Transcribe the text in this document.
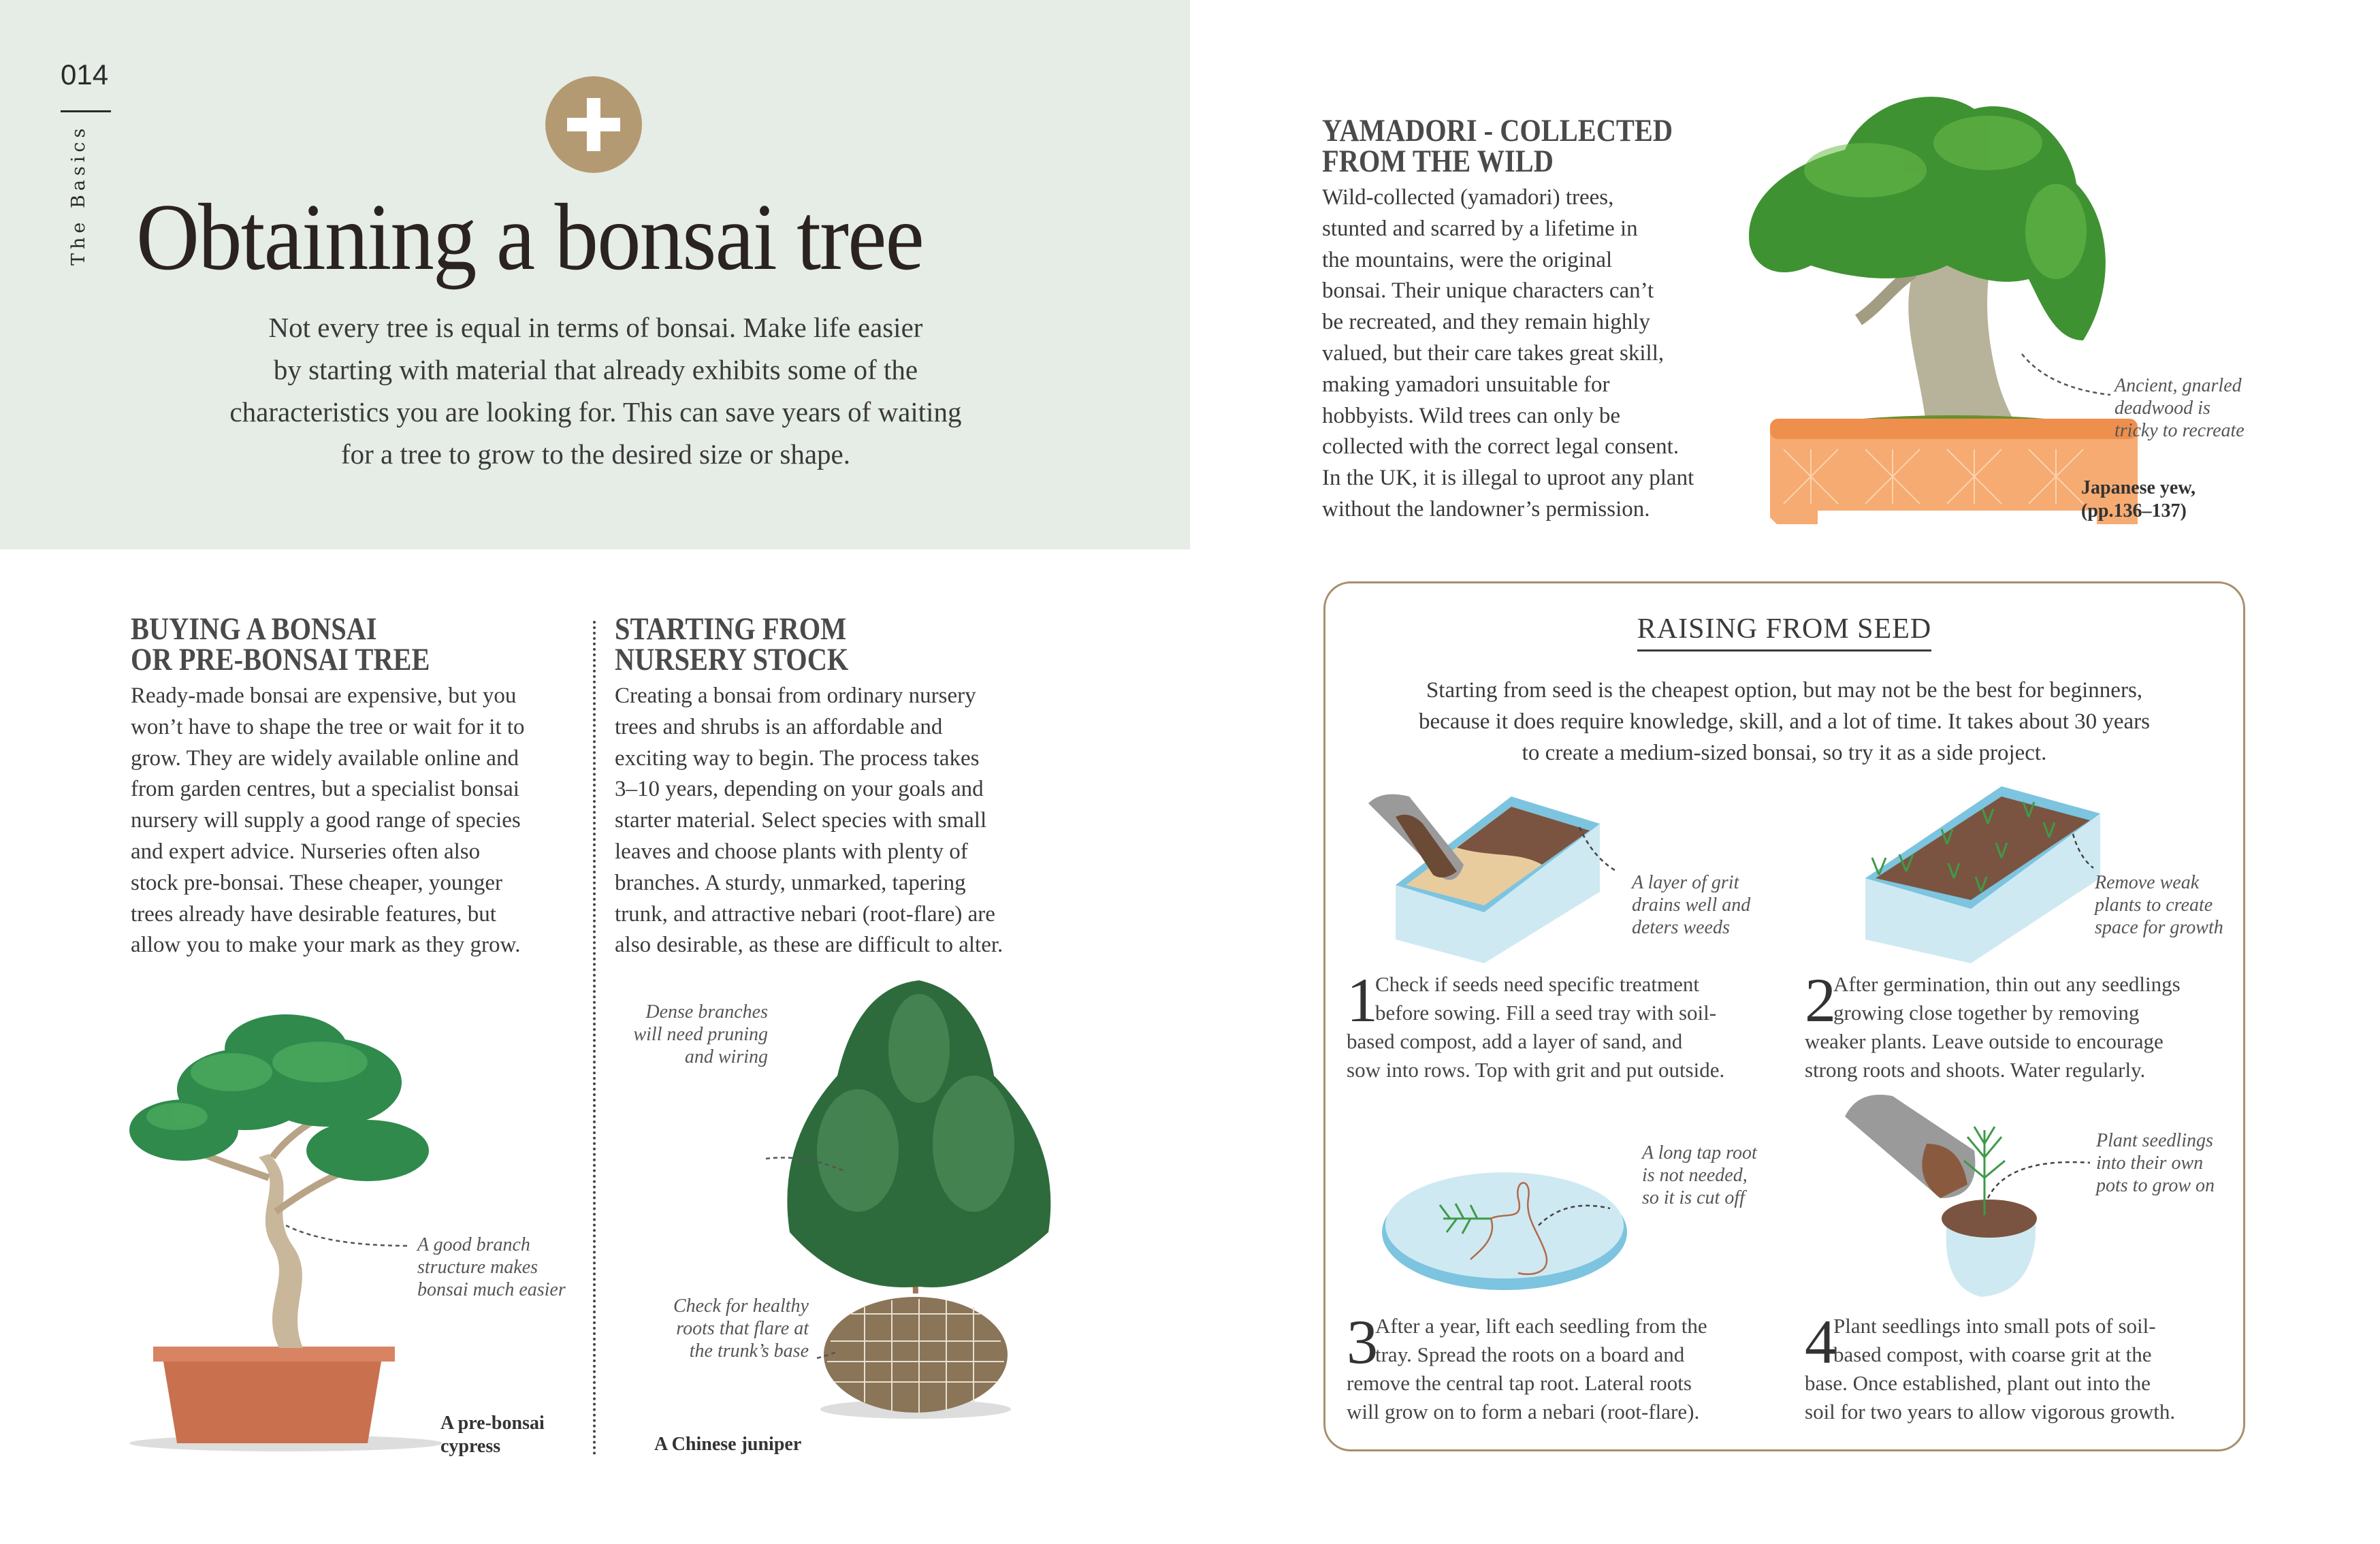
014
The Basics Obtaining a bonsai tree
Not every tree is equal in terms of bonsai. Make life easier
by starting with material that already exhibits some of the
characteristics you are looking for. This can save years of waiting
for a tree to grow to the desired size or shape.
BUYING A BONSAI
OR PRE-BONSAI TREE
Ready-made bonsai are expensive, but you
won’t have to shape the tree or wait for it to
grow. They are widely available online and
from garden centres, but a specialist bonsai
nursery will supply a good range of species
and expert advice. Nurseries often also
stock pre-bonsai. These cheaper, younger
trees already have desirable features, but
allow you to make your mark as they grow.
A good branch
structure makes
bonsai much easier
A pre-bonsai
cypress
STARTING FROM
NURSERY STOCK
Creating a bonsai from ordinary nursery
trees and shrubs is an affordable and
exciting way to begin. The process takes
3–10 years, depending on your goals and
starter material. Select species with small
leaves and choose plants with plenty of
branches. A sturdy, unmarked, tapering
trunk, and attractive nebari (root-flare) are
also desirable, as these are difficult to alter.
Dense branches
will need pruning
and wiring
Check for healthy
roots that flare at
the trunk’s base
A Chinese juniper
YAMADORI - COLLECTED
FROM THE WILD
Wild-collected (yamadori) trees,
stunted and scarred by a lifetime in
the mountains, were the original
bonsai. Their unique characters can’t
be recreated, and they remain highly
valued, but their care takes great skill,
making yamadori unsuitable for
hobbyists. Wild trees can only be
collected with the correct legal consent.
In the UK, it is illegal to uproot any plant
without the landowner’s permission.
Ancient, gnarled
deadwood is
tricky to recreate
Japanese yew,
(pp.136–137)
RAISING FROM SEED
Starting from seed is the cheapest option, but may not be the best for beginners,
because it does require knowledge, skill, and a lot of time. It takes about 30 years
to create a medium-sized bonsai, so try it as a side project.
A layer of grit
drains well and
deters weeds
Remove weak
plants to create
space for growth
1
Check if seeds need specific treatment
before sowing. Fill a seed tray with soil-
based compost, add a layer of sand, and
sow into rows. Top with grit and put outside.
2
After germination, thin out any seedlings
growing close together by removing
weaker plants. Leave outside to encourage
strong roots and shoots. Water regularly.
A long tap root
is not needed,
so it is cut off
Plant seedlings
into their own
pots to grow on
3
After a year, lift each seedling from the
tray. Spread the roots on a board and
remove the central tap root. Lateral roots
will grow on to form a nebari (root-flare).
4
Plant seedlings into small pots of soil-
based compost, with coarse grit at the
base. Once established, plant out into the
soil for two years to allow vigorous growth.
